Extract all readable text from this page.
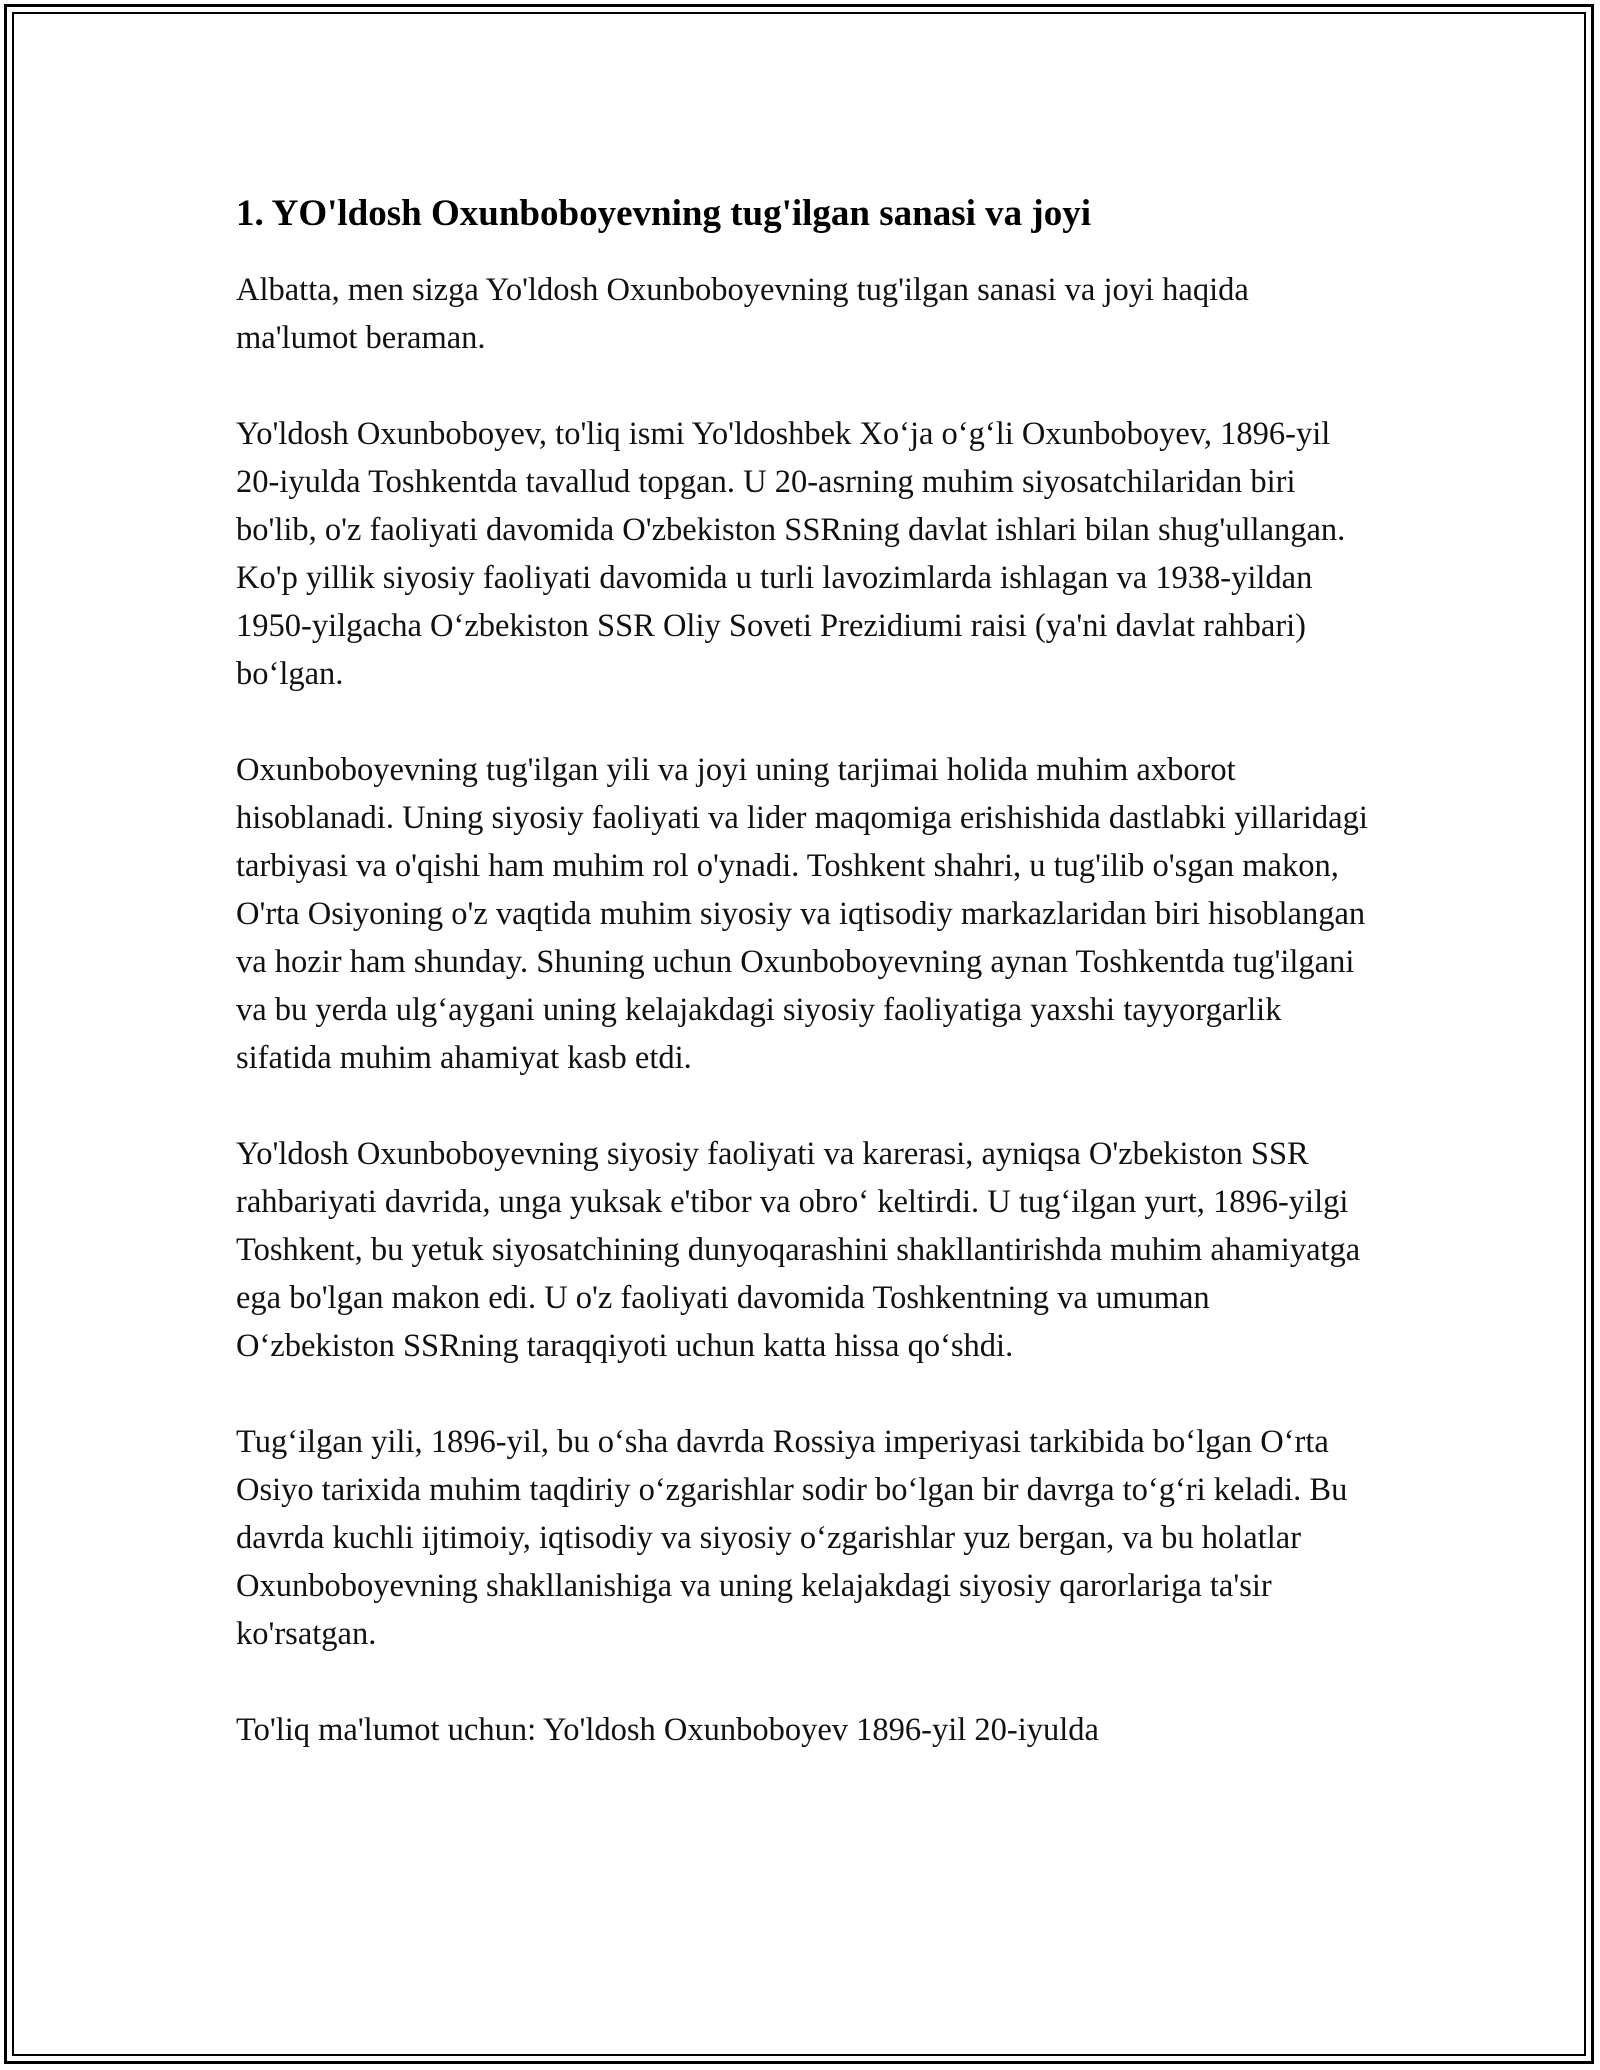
1. YO'ldosh Oxunboboyevning tug'ilgan sanasi va joyi

Albatta, men sizga Yo'ldosh Oxunboboyevning tug'ilgan sanasi va joyi haqida ma'lumot beraman.

Yo'ldosh Oxunboboyev, to'liq ismi Yo'ldoshbek Xo‘ja o‘g‘li Oxunboboyev, 1896-yil 20-iyulda Toshkentda tavallud topgan. U 20-asrning muhim siyosatchilaridan biri bo'lib, o'z faoliyati davomida O'zbekiston SSRning davlat ishlari bilan shug'ullangan. Ko'p yillik siyosiy faoliyati davomida u turli lavozimlarda ishlagan va 1938-yildan 1950-yilgacha O‘zbekiston SSR Oliy Soveti Prezidiumi raisi (ya'ni davlat rahbari) bo‘lgan.

Oxunboboyevning tug'ilgan yili va joyi uning tarjimai holida muhim axborot hisoblanadi. Uning siyosiy faoliyati va lider maqomiga erishishida dastlabki yillaridagi tarbiyasi va o'qishi ham muhim rol o'ynadi. Toshkent shahri, u tug'ilib o'sgan makon, O'rta Osiyoning o'z vaqtida muhim siyosiy va iqtisodiy markazlaridan biri hisoblangan va hozir ham shunday. Shuning uchun Oxunboboyevning aynan Toshkentda tug'ilgani va bu yerda ulg‘aygani uning kelajakdagi siyosiy faoliyatiga yaxshi tayyorgarlik sifatida muhim ahamiyat kasb etdi.

Yo'ldosh Oxunboboyevning siyosiy faoliyati va karerasi, ayniqsa O'zbekiston SSR rahbariyati davrida, unga yuksak e'tibor va obro‘ keltirdi. U tug‘ilgan yurt, 1896-yilgi Toshkent, bu yetuk siyosatchining dunyoqarashini shakllantirishda muhim ahamiyatga ega bo'lgan makon edi. U o'z faoliyati davomida Toshkentning va umuman O‘zbekiston SSRning taraqqiyoti uchun katta hissa qo‘shdi.

Tug‘ilgan yili, 1896-yil, bu o‘sha davrda Rossiya imperiyasi tarkibida bo‘lgan O‘rta Osiyo tarixida muhim taqdiriy o‘zgarishlar sodir bo‘lgan bir davrga to‘g‘ri keladi. Bu davrda kuchli ijtimoiy, iqtisodiy va siyosiy o‘zgarishlar yuz bergan, va bu holatlar Oxunboboyevning shakllanishiga va uning kelajakdagi siyosiy qarorlariga ta'sir ko'rsatgan.

To'liq ma'lumot uchun: Yo'ldosh Oxunboboyev 1896-yil 20-iyulda
